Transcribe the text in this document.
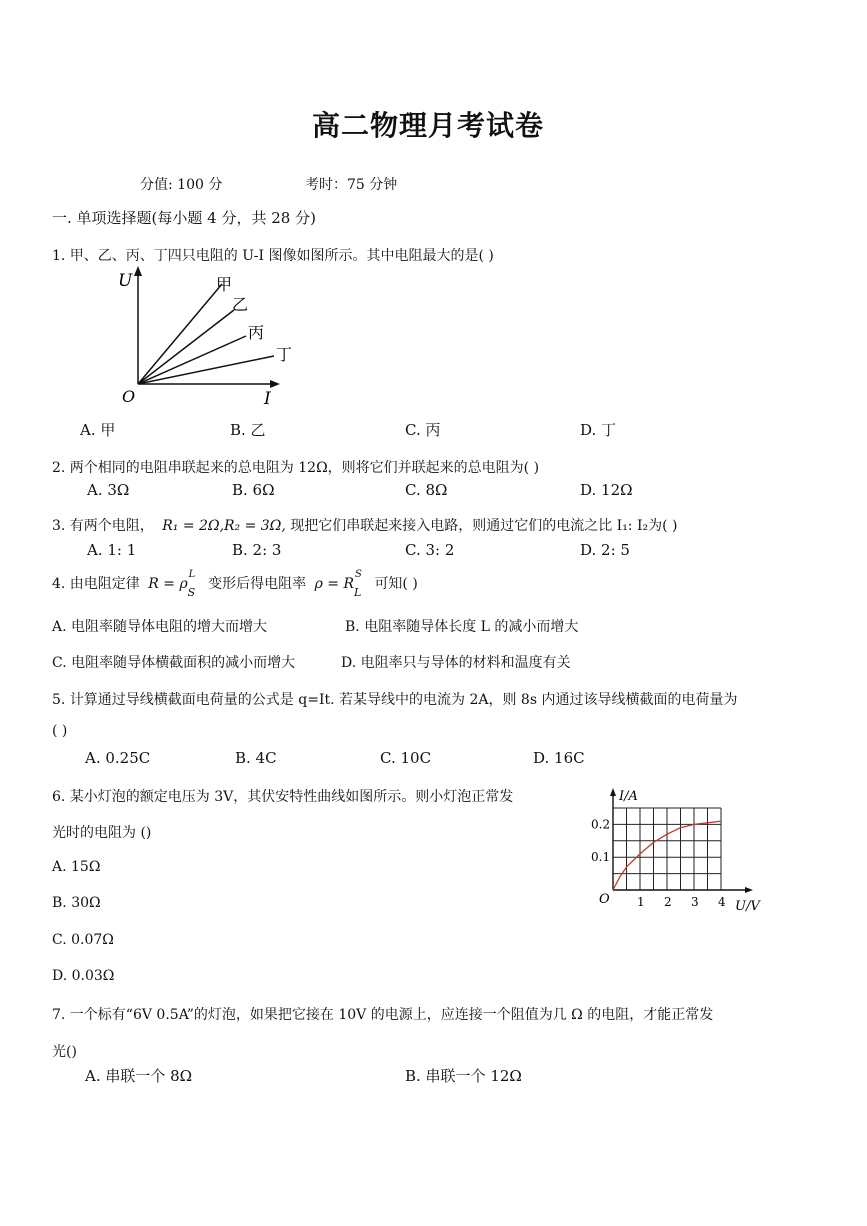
高二物理月考试卷
分值: 100 分	考时：75 分钟
一. 单项选择题(每小题 4 分，共 28 分)
1. 甲、乙、丙、丁四只电阻的 U-I 图像如图所示。其中电阻最大的是( )
U
I
O
甲
乙
丙
丁
A. 甲	B. 乙	C. 丙	D. 丁
2. 两个相同的电阻串联起来的总电阻为 12Ω，则将它们并联起来的总电阻为( )
A. 3Ω	B. 6Ω	C. 8Ω	D. 12Ω
3. 有两个电阻， R₁ = 2Ω,R₂ = 3Ω, 现把它们串联起来接入电路，则通过它们的电流之比 I₁: I₂为( )
A. 1: 1	B. 2: 3	C. 3: 2	D. 2: 5
4. 由电阻定律 R = ρ
L
S
变形后得电阻率 ρ = R
S
L
可知( )
A. 电阻率随导体电阻的增大而增大	B. 电阻率随导体长度 L 的减小而增大
C. 电阻率随导体横截面积的减小而增大	D. 电阻率只与导体的材料和温度有关
5. 计算通过导线横截面电荷量的公式是 q=It. 若某导线中的电流为 2A，则 8s 内通过该导线横截面的电荷量为
( )
A. 0.25C	B. 4C	C. 10C	D. 16C
6. 某小灯泡的额定电压为 3V，其伏安特性曲线如图所示。则小灯泡正常发
光时的电阻为 ()
A. 15Ω
B. 30Ω
C. 0.07Ω
D. 0.03Ω
1 2 3 4
0.1
0.2
I/A
U/V
O
7. 一个标有“6V 0.5A”的灯泡，如果把它接在 10V 的电源上，应连接一个阻值为几 Ω 的电阻，才能正常发
光()
A. 串联一个 8Ω	B. 串联一个 12Ω
